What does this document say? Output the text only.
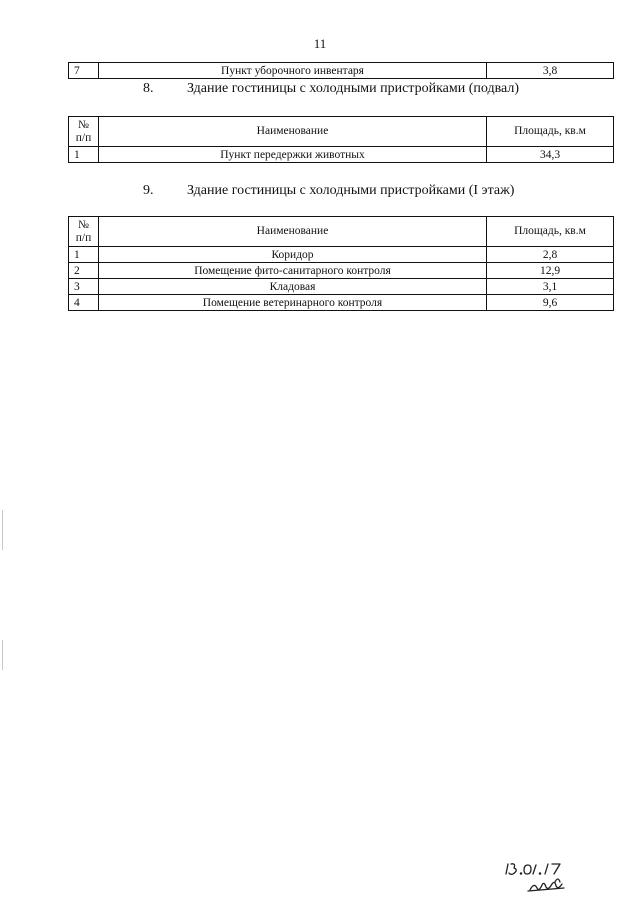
11
7	Пункт уборочного инвентаря	3,8
8. Здание гостиницы с холодными пристройками (подвал)
№ п/п	Наименование	Площадь, кв.м
1	Пункт передержки животных	34,3
9. Здание гостиницы с холодными пристройками (I этаж)
№ п/п	Наименование	Площадь, кв.м
1	Коридор	2,8
2	Помещение фито-санитарного контроля	12,9
3	Кладовая	3,1
4	Помещение ветеринарного контроля	9,6
